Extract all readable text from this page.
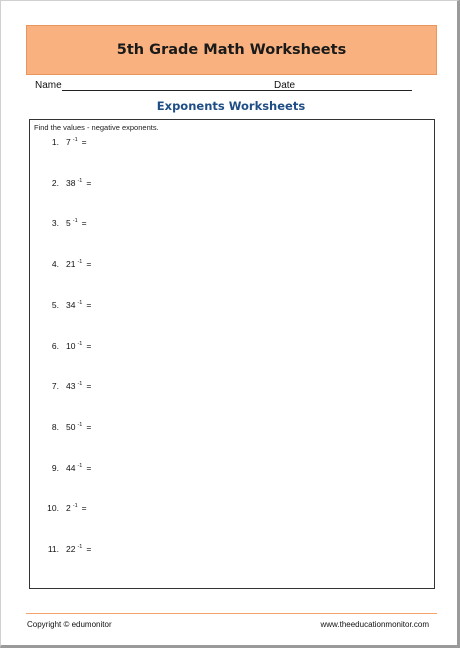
5th Grade Math Worksheets
Name	Date
Exponents Worksheets
Find the values - negative exponents.
1. 7 $^{-1}$ =
2. 38 $^{-1}$ =
3. 5 $^{-1}$ =
4. 21 $^{-1}$ =
5. 34 $^{-1}$ =
6. 10 $^{-1}$ =
7. 43 $^{-1}$ =
8. 50 $^{-1}$ =
9. 44 $^{-1}$ =
10. 2 $^{-1}$ =
11. 22 $^{-1}$ =
Copyright © edumonitor	www.theeducationmonitor.com
